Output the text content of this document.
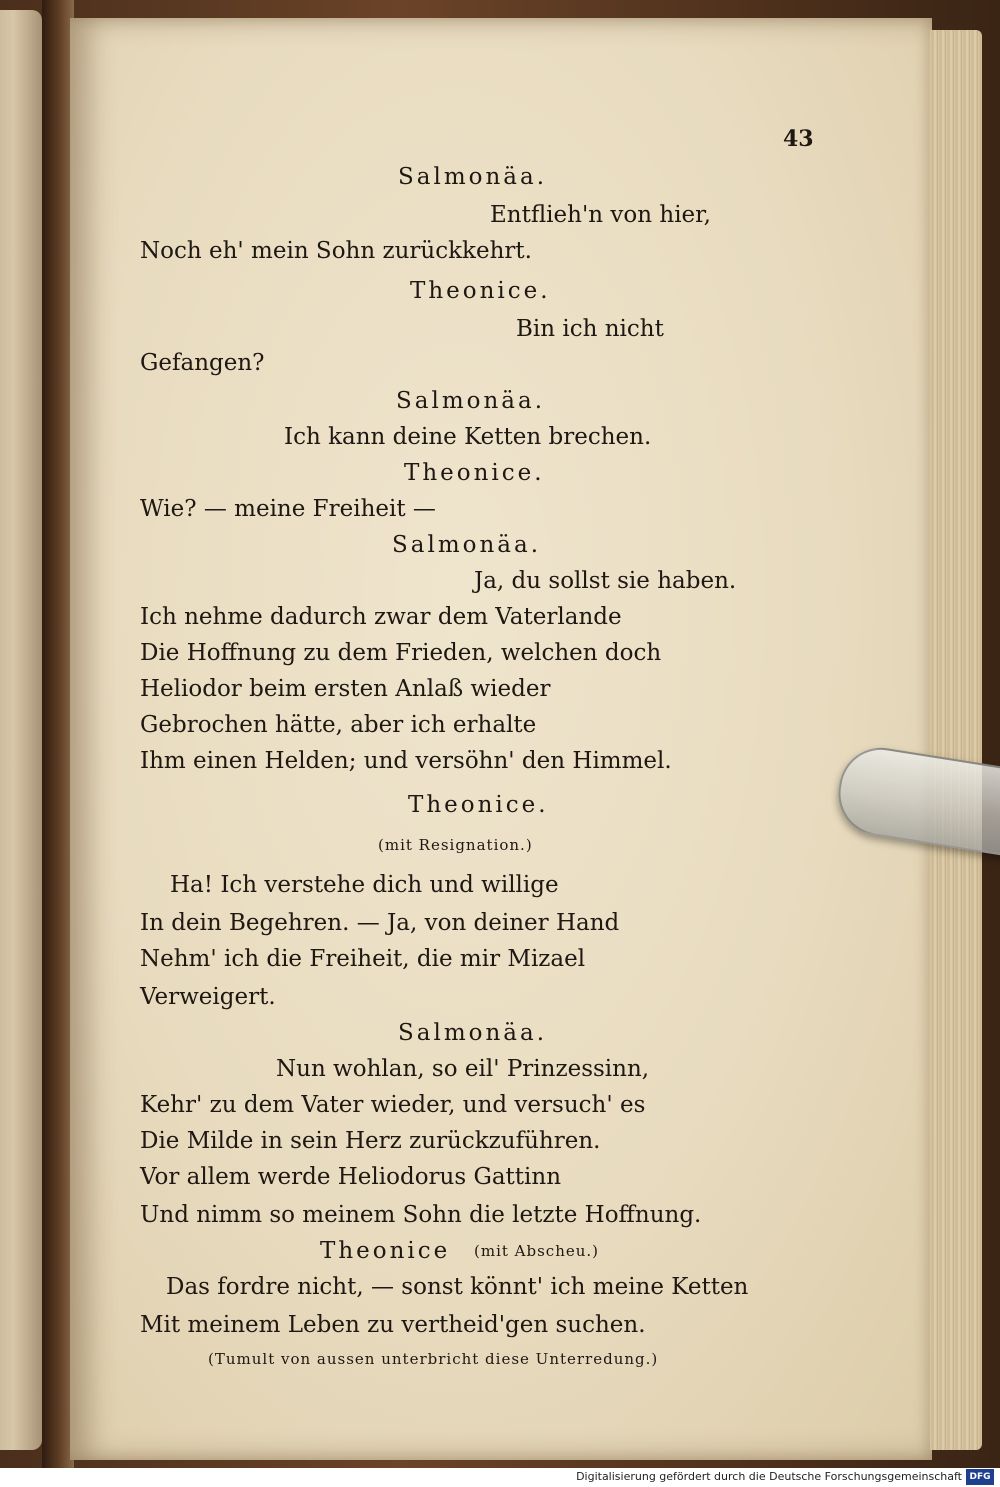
43
Salmonäa.
Entflieh'n von hier,
Noch eh' mein Sohn zurückkehrt.
Theonice.
Bin ich nicht
Gefangen?
Salmonäa.
Ich kann deine Ketten brechen.
Theonice.
Wie? — meine Freiheit —
Salmonäa.
Ja, du sollst sie haben.
Ich nehme dadurch zwar dem Vaterlande
Die Hoffnung zu dem Frieden, welchen doch
Heliodor beim ersten Anlaß wieder
Gebrochen hätte, aber ich erhalte
Ihm einen Helden; und versöhn' den Himmel.
Theonice.
(mit Resignation.)
Ha! Ich verstehe dich und willige
In dein Begehren. — Ja, von deiner Hand
Nehm' ich die Freiheit, die mir Mizael
Verweigert.
Salmonäa.
Nun wohlan, so eil' Prinzessinn,
Kehr' zu dem Vater wieder, und versuch' es
Die Milde in sein Herz zurückzuführen.
Vor allem werde Heliodorus Gattinn
Und nimm so meinem Sohn die letzte Hoffnung.
Theonice (mit Abscheu.)
Das fordre nicht, — sonst könnt' ich meine Ketten
Mit meinem Leben zu vertheid'gen suchen.
(Tumult von aussen unterbricht diese Unterredung.)
Digitalisierung gefördert durch die Deutsche Forschungsgemeinschaft DFG
